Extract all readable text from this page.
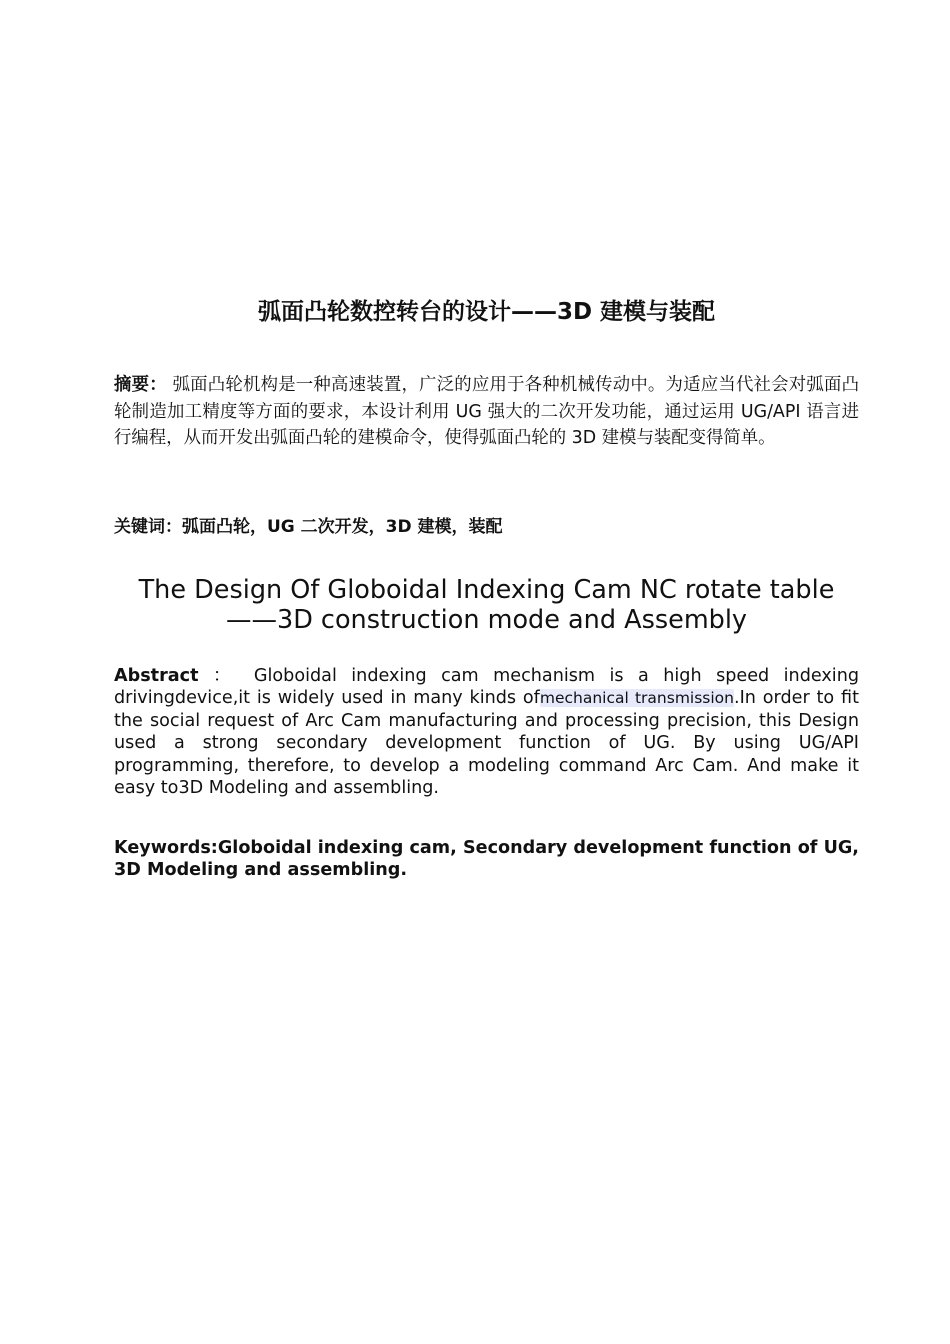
弧面凸轮数控转台的设计——3D 建模与装配
摘要： 弧面凸轮机构是一种高速装置，广泛的应用于各种机械传动中。为适应当代社会对弧面凸轮制造加工精度等方面的要求，本设计利用 UG 强大的二次开发功能，通过运用 UG/API 语言进行编程，从而开发出弧面凸轮的建模命令，使得弧面凸轮的 3D 建模与装配变得简单。
关键词：弧面凸轮，UG 二次开发，3D 建模，装配
The Design Of Globoidal Indexing Cam NC rotate table
——3D construction mode and Assembly
Abstract ： Globoidal indexing cam mechanism is a high speed indexing drivingdevice,it is widely used in many kinds ofmechanical transmission.In order to fit the social request of Arc Cam manufacturing and processing precision, this Design used a strong secondary development function of UG. By using UG/API programming, therefore, to develop a modeling command Arc Cam. And make it easy to3D Modeling and assembling.
Keywords:Globoidal indexing cam, Secondary development function of UG, 3D Modeling and assembling.
